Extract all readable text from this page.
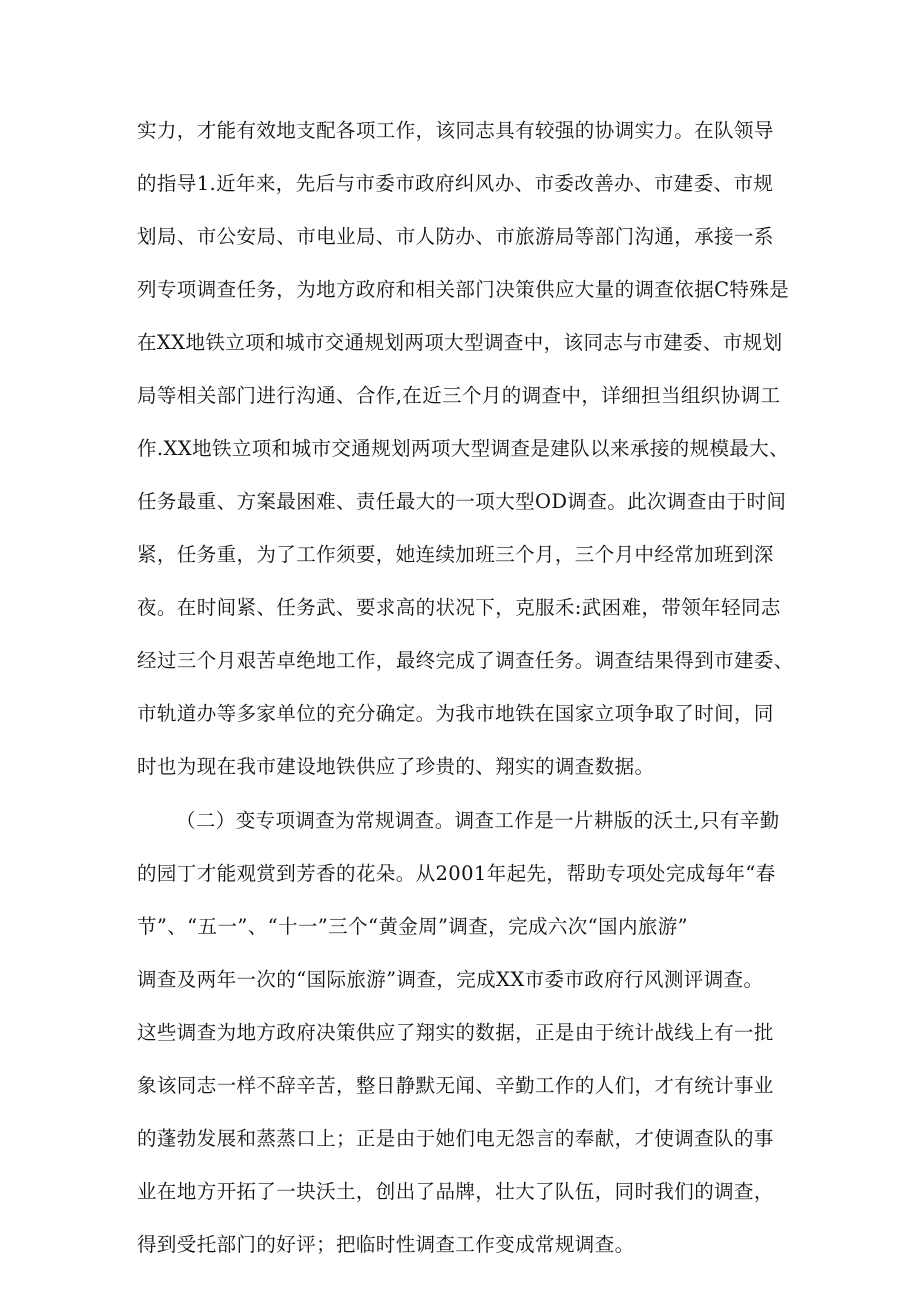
实力，才能有效地支配各项工作，该同志具有较强的协调实力。在队领导
的指导1.近年来，先后与市委市政府纠风办、市委改善办、市建委、市规
划局、市公安局、市电业局、市人防办、市旅游局等部门沟通，承接一系
列专项调查任务，为地方政府和相关部门决策供应大量的调查依据C特殊是
在XX地铁立项和城市交通规划两项大型调查中，该同志与市建委、市规划
局等相关部门进行沟通、合作,在近三个月的调查中，详细担当组织协调工
作.XX地铁立项和城市交通规划两项大型调查是建队以来承接的规模最大、
任务最重、方案最困难、责任最大的一项大型OD调查。此次调查由于时间
紧，任务重，为了工作须要，她连续加班三个月，三个月中经常加班到深
夜。在时间紧、任务武、要求高的状况下，克服禾:武困难，带领年轻同志
经过三个月艰苦卓绝地工作，最终完成了调查任务。调查结果得到市建委、
市轨道办等多家单位的充分确定。为我市地铁在国家立项争取了时间，同
时也为现在我市建设地铁供应了珍贵的、翔实的调查数据。
（二）变专项调查为常规调查。调查工作是一片耕版的沃土,只有辛勤
的园丁才能观赏到芳香的花朵。从2001年起先，帮助专项处完成每年“春
节”、“五一”、“十一”三个“黄金周”调查，完成六次“国内旅游”
调查及两年一次的“国际旅游”调查，完成XX市委市政府行风测评调查。
这些调查为地方政府决策供应了翔实的数据，正是由于统计战线上有一批
象该同志一样不辞辛苦，整日静默无闻、辛勤工作的人们，才有统计事业
的蓬勃发展和蒸蒸口上；正是由于她们电无怨言的奉献，才使调查队的事
业在地方开拓了一块沃土，创出了品牌，壮大了队伍，同时我们的调查，
得到受托部门的好评；把临时性调查工作变成常规调查。
